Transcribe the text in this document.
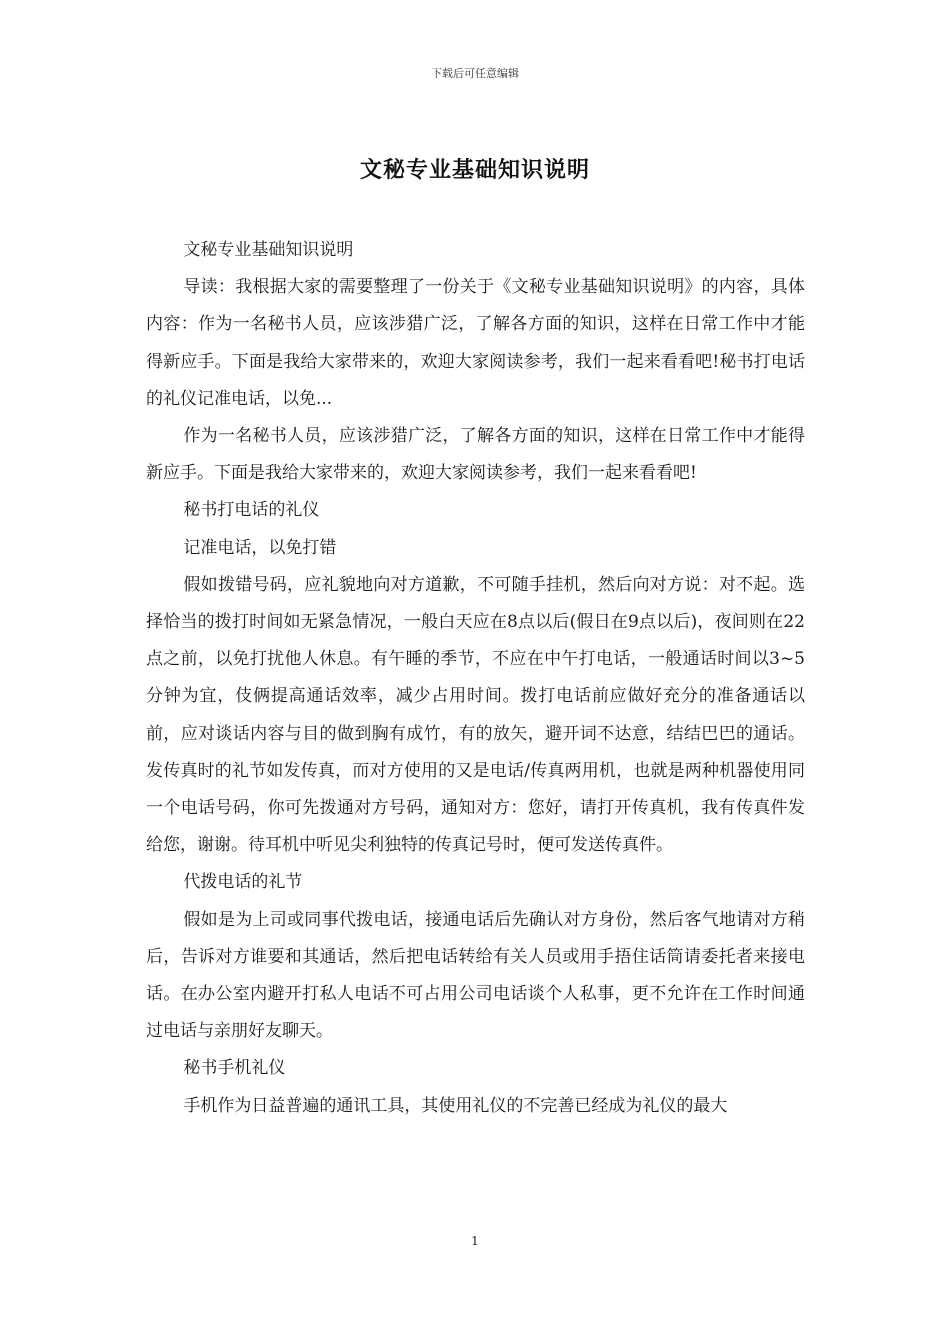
下载后可任意编辑
文秘专业基础知识说明

文秘专业基础知识说明

导读：我根据大家的需要整理了一份关于《文秘专业基础知识说明》的内容，具体内容：作为一名秘书人员，应该涉猎广泛，了解各方面的知识，这样在日常工作中才能得新应手。下面是我给大家带来的，欢迎大家阅读参考，我们一起来看看吧!秘书打电话的礼仪记准电话，以免...

作为一名秘书人员，应该涉猎广泛，了解各方面的知识，这样在日常工作中才能得新应手。下面是我给大家带来的，欢迎大家阅读参考，我们一起来看看吧!

秘书打电话的礼仪

记准电话，以免打错

假如拨错号码，应礼貌地向对方道歉，不可随手挂机，然后向对方说：对不起。选择恰当的拨打时间如无紧急情况，一般白天应在8点以后(假日在9点以后)，夜间则在22点之前，以免打扰他人休息。有午睡的季节，不应在中午打电话，一般通话时间以3~5分钟为宜，伎俩提高通话效率，减少占用时间。拨打电话前应做好充分的准备通话以前，应对谈话内容与目的做到胸有成竹，有的放矢，避开词不达意，结结巴巴的通话。发传真时的礼节如发传真，而对方使用的又是电话/传真两用机，也就是两种机器使用同一个电话号码，你可先拨通对方号码，通知对方：您好，请打开传真机，我有传真件发给您，谢谢。待耳机中听见尖利独特的传真记号时，便可发送传真件。

代拨电话的礼节

假如是为上司或同事代拨电话，接通电话后先确认对方身份，然后客气地请对方稍后，告诉对方谁要和其通话，然后把电话转给有关人员或用手捂住话筒请委托者来接电话。在办公室内避开打私人电话不可占用公司电话谈个人私事，更不允许在工作时间通过电话与亲朋好友聊天。

秘书手机礼仪

手机作为日益普遍的通讯工具，其使用礼仪的不完善已经成为礼仪的最大

1
